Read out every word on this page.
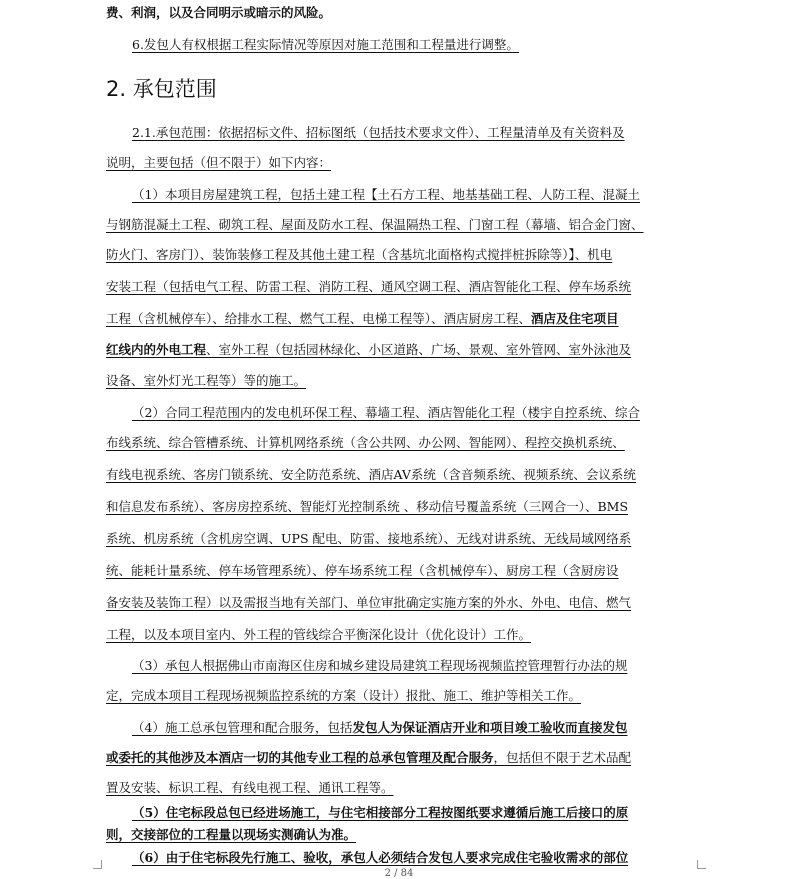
费、利润，以及合同明示或暗示的风险。
6.发包人有权根据工程实际情况等原因对施工范围和工程量进行调整。
2. 承包范围
2.1.承包范围：依据招标文件、招标图纸（包括技术要求文件）、工程量清单及有关资料及
说明，主要包括（但不限于）如下内容：
（1）本项目房屋建筑工程，包括土建工程【土石方工程、地基基础工程、人防工程、混凝土
与钢筋混凝土工程、砌筑工程、屋面及防水工程、保温隔热工程、门窗工程（幕墙、铝合金门窗、
防火门、客房门）、装饰装修工程及其他土建工程（含基坑北面格构式搅拌桩拆除等）】、机电
安装工程（包括电气工程、防雷工程、消防工程、通风空调工程、酒店智能化工程、停车场系统
工程（含机械停车）、给排水工程、燃气工程、电梯工程等）、酒店厨房工程、酒店及住宅项目
红线内的外电工程、室外工程（包括园林绿化、小区道路、广场、景观、室外管网、室外泳池及
设备、室外灯光工程等）等的施工。
（2）合同工程范围内的发电机环保工程、幕墙工程、酒店智能化工程（楼宇自控系统、综合
布线系统、综合管槽系统、计算机网络系统（含公共网、办公网、智能网）、程控交换机系统、
有线电视系统、客房门锁系统、安全防范系统、酒店AV系统（含音频系统、视频系统、会议系统
和信息发布系统）、客房房控系统、智能灯光控制系统 、移动信号覆盖系统（三网合一）、BMS
系统、机房系统（含机房空调、UPS 配电、防雷、接地系统）、无线对讲系统、无线局域网络系
统、能耗计量系统、停车场管理系统）、停车场系统工程（含机械停车）、厨房工程（含厨房设
备安装及装饰工程）以及需报当地有关部门、单位审批确定实施方案的外水、外电、电信、燃气
工程，以及本项目室内、外工程的管线综合平衡深化设计（优化设计）工作。
（3）承包人根据佛山市南海区住房和城乡建设局建筑工程现场视频监控管理暂行办法的规
定，完成本项目工程现场视频监控系统的方案（设计）报批、施工、维护等相关工作。
（4）施工总承包管理和配合服务，包括发包人为保证酒店开业和项目竣工验收而直接发包
或委托的其他涉及本酒店一切的其他专业工程的总承包管理及配合服务，包括但不限于艺术品配
置及安装、标识工程、有线电视工程、通讯工程等。
（5）住宅标段总包已经进场施工，与住宅相接部分工程按图纸要求遵循后施工后接口的原
则，交接部位的工程量以现场实测确认为准。
（6）由于住宅标段先行施工、验收，承包人必须结合发包人要求完成住宅验收需求的部位
2 / 84
